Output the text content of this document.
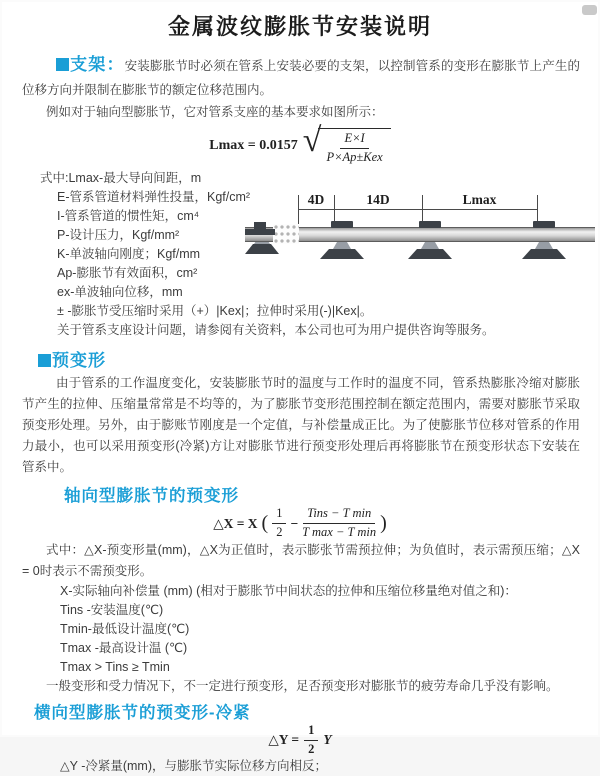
金属波纹膨胀节安装说明

支架：安装膨胀节时必须在管系上安装必要的支架，以控制管系的变形在膨胀节上产生的位移方向并限制在膨胀节的额定位移范围内。

例如对于轴向型膨胀节，它对管系支座的基本要求如图所示：

Lmax = 0.0157 √ $\frac{E\times I}{\text{P×Ap±Kex}}$
式中:Lmax-最大导向间距，m
E-管系管道材料弹性投量，Kgf/cm²
I-管系管道的惯性矩，cm⁴
P-设计压力，Kgf/mm²
K-单波轴向刚度；Kgf/mm
Ap-膨胀节有效面积，cm²
ex-单波轴向位移，mm
± -膨胀节受压缩时采用（+）|Kex|；拉伸时采用(-)|Kex|。
关于管系支座设计问题，请参阅有关资料，本公司也可为用户提供咨询等服务。
4D	14D	Lmax
预变形

由于管系的工作温度变化，安装膨胀节时的温度与工作时的温度不同，管系热膨胀冷缩对膨胀节产生的拉伸、压缩量常常是不均等的，为了膨胀节变形范围控制在额定范围内，需要对膨胀节采取预变形处理。另外，由于膨账节刚度是一个定值，与补偿量成正比。为了使膨胀节位移对管系的作用力最小，也可以采用预变形(冷紧)方让对膨胀节进行预变形处理后再将膨胀节在预变形状态下安装在管系中。

轴向型膨胀节的预变形
△X = X ( $\frac{1}{2} - \frac{\text{Tins − T min}}{\text{T max − T min}}$ )

式中：△X-预变形量(mm)，△X为正值时，表示膨张节需预拉伸；为负值时，表示需预压缩；△X = 0时表示不需预变形。

X-实际轴向补偿量 (mm) (相对于膨胀节中间状态的拉伸和压缩位移量绝对值之和)：
Tins -安装温度(℃)
Tmin-最低设计温度(℃)
Tmax -最高设计温 (℃)
Tmax > Tins ≥ Tmin

一般变形和受力情况下，不一定进行预变形，足否预变形对膨胀节的疲劳寿命几乎没有影响。

横向型膨胀节的预变形-冷紧
△Y = $\frac{1}{2}$ Y

△Y -冷紧量(mm)，与膨胀节实际位移方向相反；
